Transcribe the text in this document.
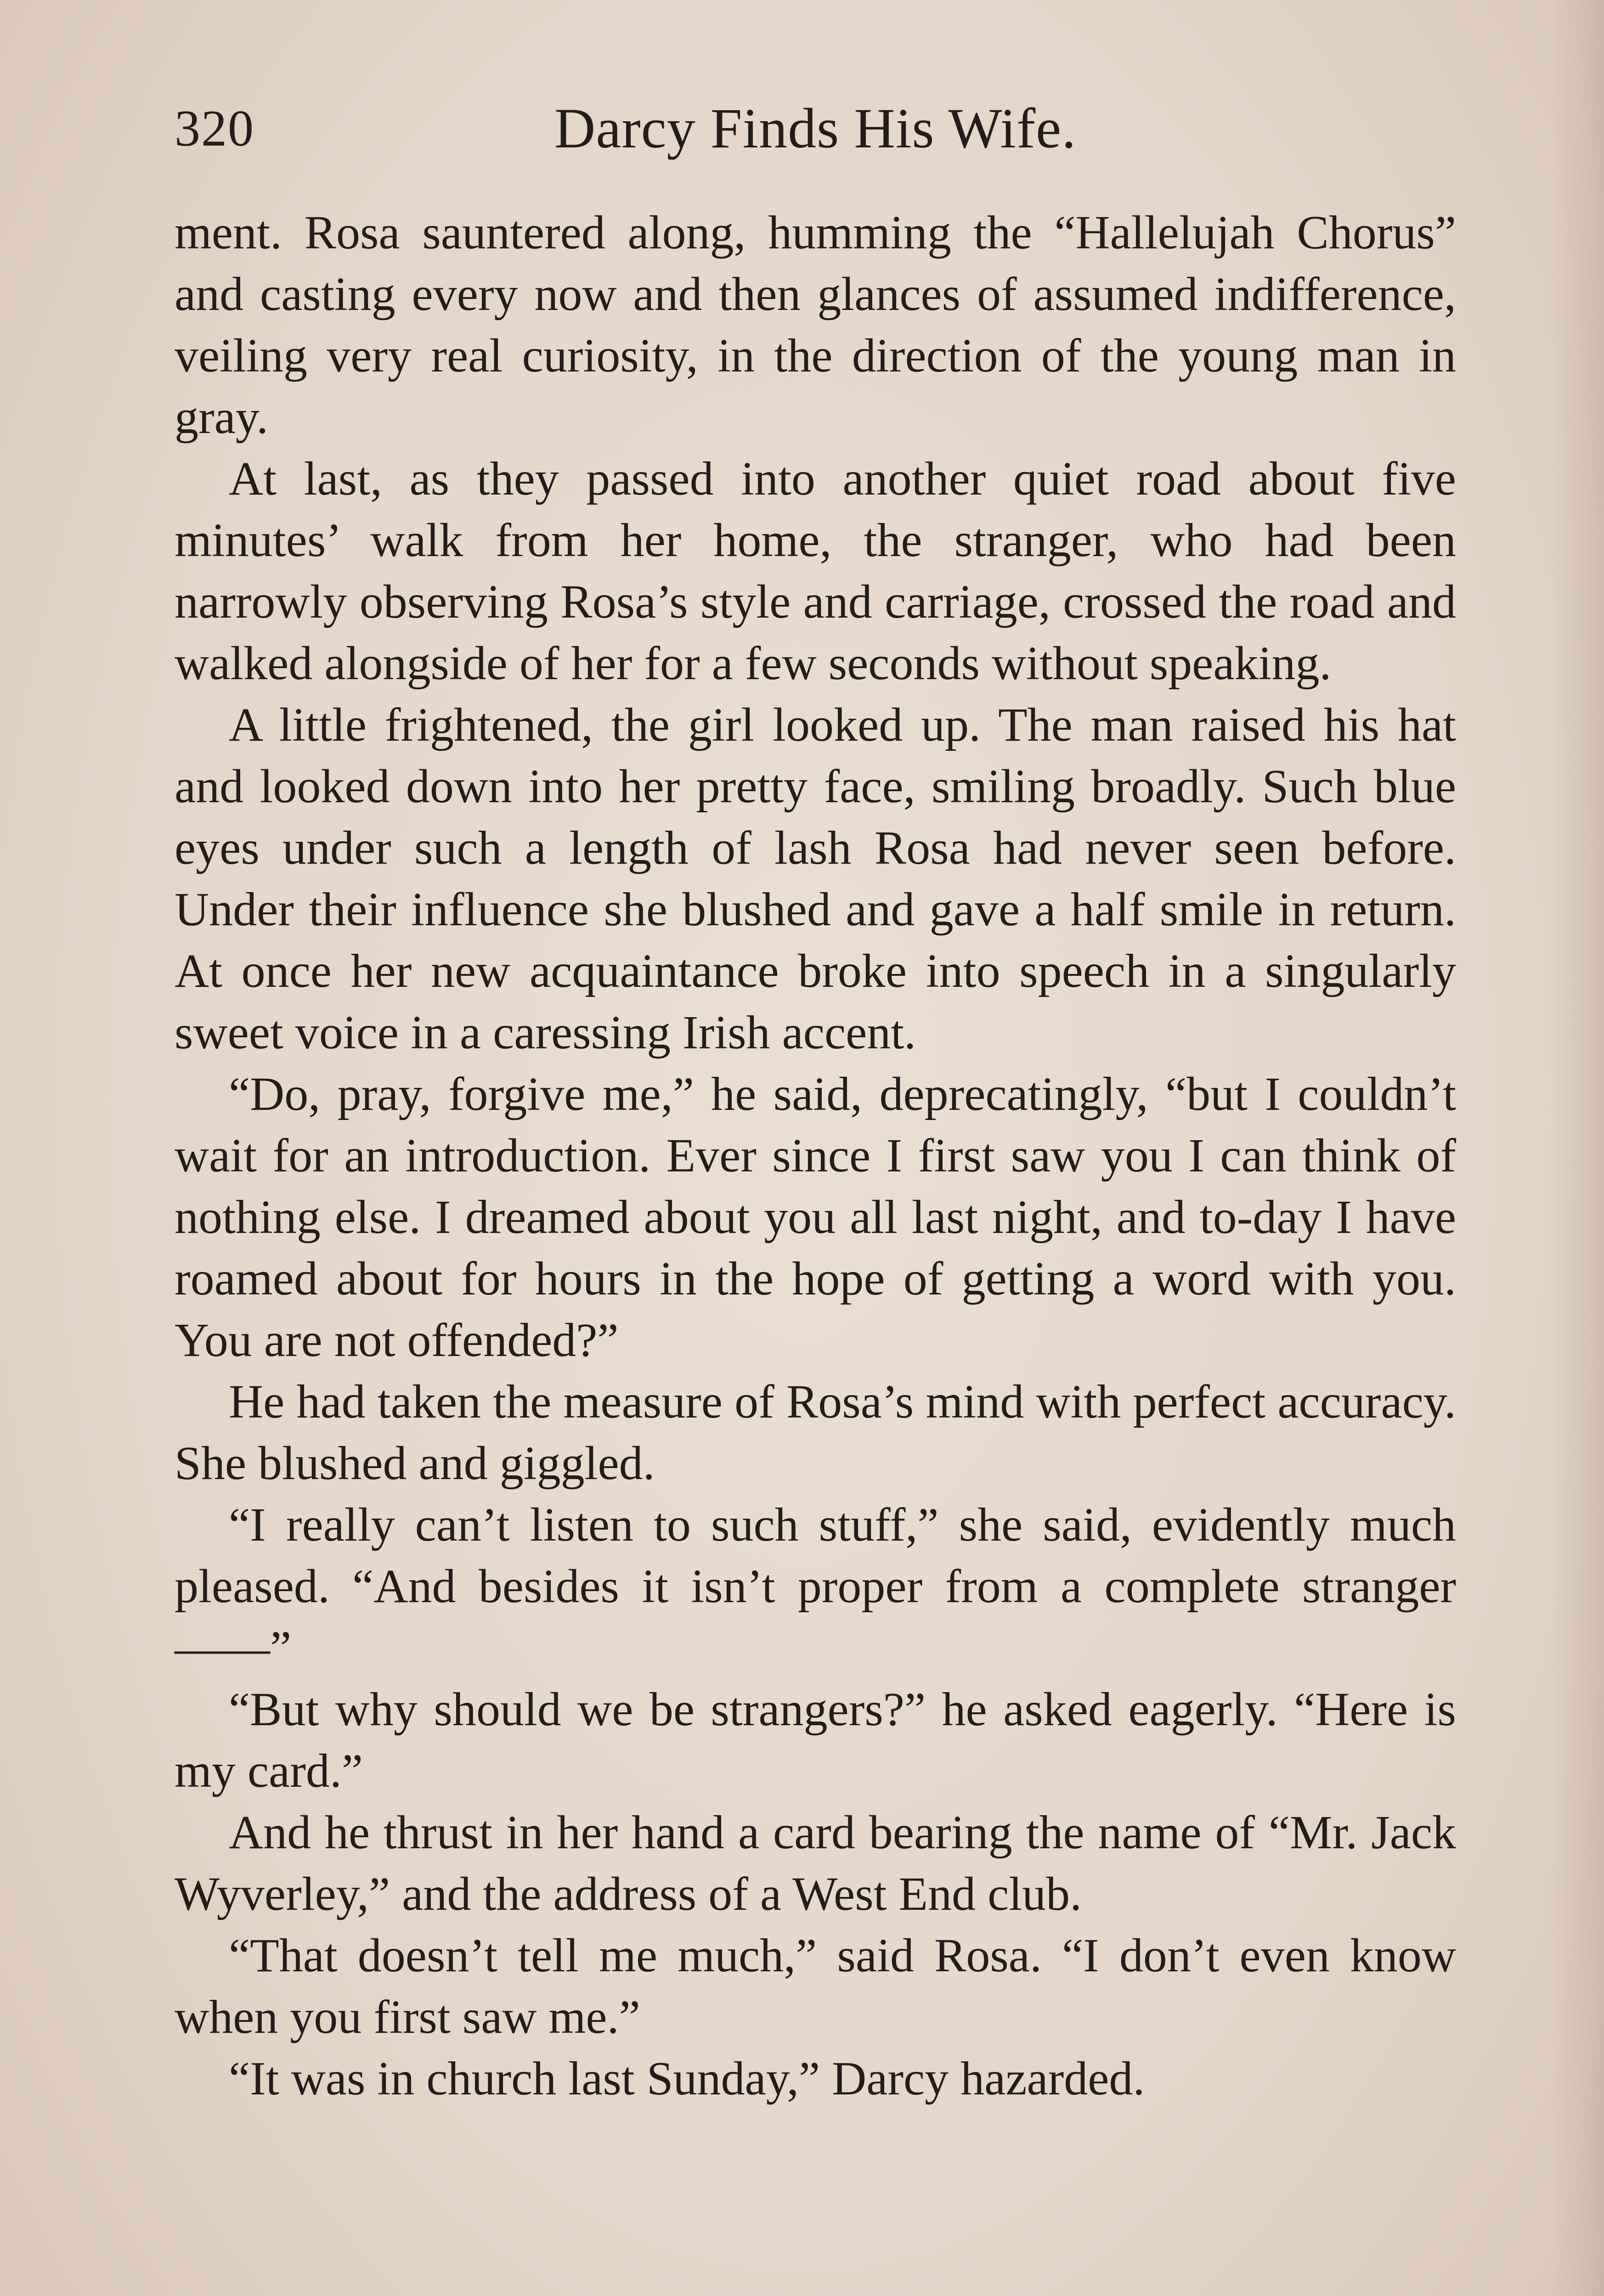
320	Darcy Finds His Wife.

ment. Rosa sauntered along, humming the “Hallelujah Chorus” and casting every now and then glances of assumed indifference, veiling very real curiosity, in the direction of the young man in gray.

At last, as they passed into another quiet road about five minutes’ walk from her home, the stranger, who had been narrowly observing Rosa’s style and carriage, crossed the road and walked alongside of her for a few seconds without speaking.

A little frightened, the girl looked up. The man raised his hat and looked down into her pretty face, smiling broadly. Such blue eyes under such a length of lash Rosa had never seen before. Under their influence she blushed and gave a half smile in return. At once her new acquaintance broke into speech in a singularly sweet voice in a caressing Irish accent.

“Do, pray, forgive me,” he said, deprecatingly, “but I couldn’t wait for an introduction. Ever since I first saw you I can think of nothing else. I dreamed about you all last night, and to-day I have roamed about for hours in the hope of getting a word with you. You are not offended?”

He had taken the measure of Rosa’s mind with perfect accuracy. She blushed and giggled.

“I really can’t listen to such stuff,” she said, evidently much pleased. “And besides it isn’t proper from a complete stranger——”

“But why should we be strangers?” he asked eagerly. “Here is my card.”

And he thrust in her hand a card bearing the name of “Mr. Jack Wyverley,” and the address of a West End club.

“That doesn’t tell me much,” said Rosa. “I don’t even know when you first saw me.”

“It was in church last Sunday,” Darcy hazarded.
